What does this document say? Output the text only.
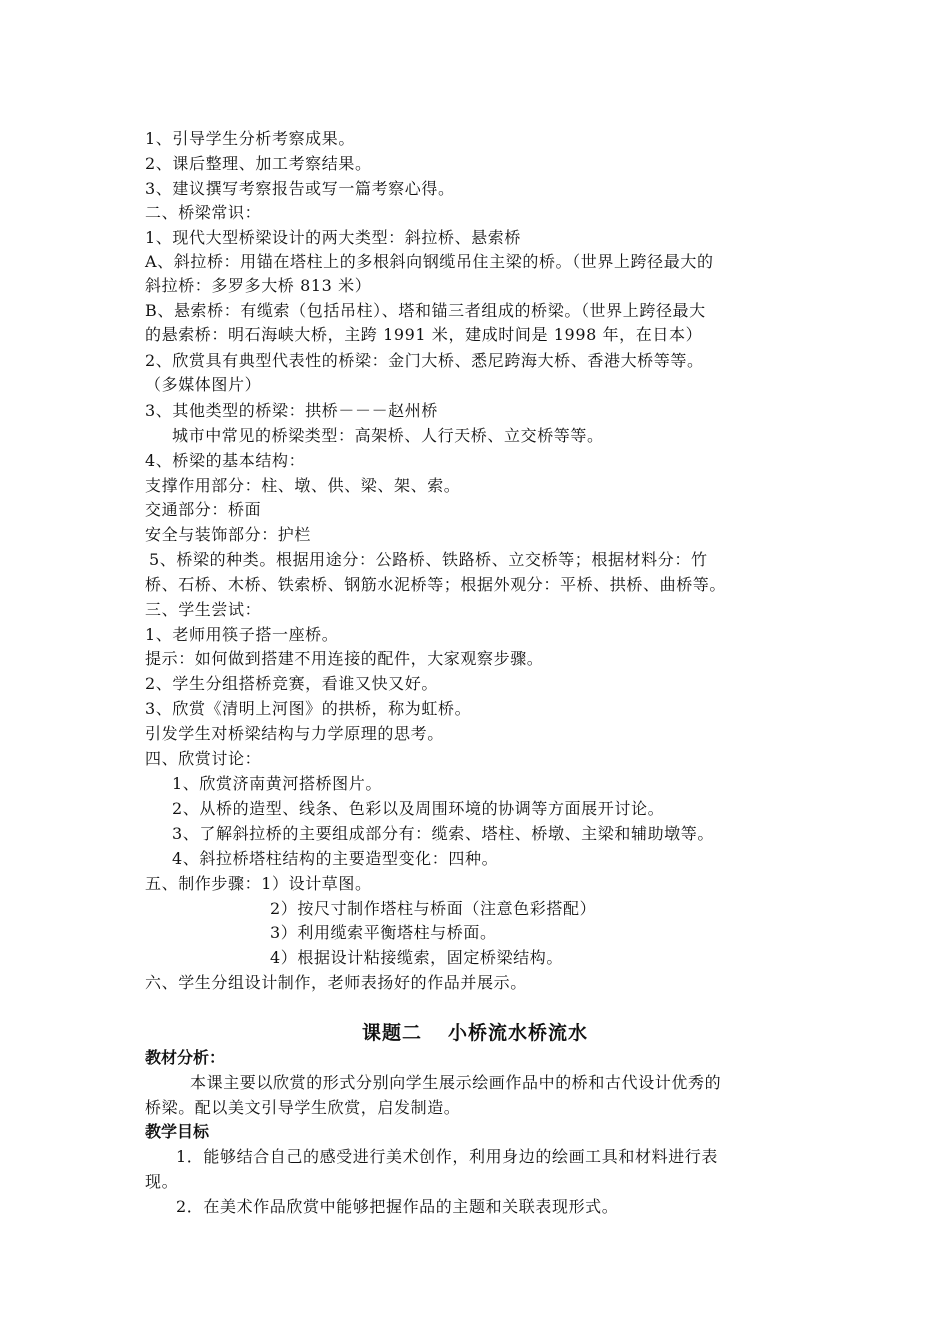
1、引导学生分析考察成果。
2、课后整理、加工考察结果。
3、建议撰写考察报告或写一篇考察心得。
二、桥梁常识：
1、现代大型桥梁设计的两大类型：斜拉桥、悬索桥
A、斜拉桥：用锚在塔柱上的多根斜向钢缆吊住主梁的桥。（世界上跨径最大的
斜拉桥：多罗多大桥 813 米）
B、悬索桥：有缆索（包括吊柱）、塔和锚三者组成的桥梁。（世界上跨径最大
的悬索桥：明石海峡大桥，主跨 1991 米，建成时间是 1998 年，在日本）
2、欣赏具有典型代表性的桥梁：金门大桥、悉尼跨海大桥、香港大桥等等。
（多媒体图片）
3、其他类型的桥梁：拱桥－－－赵州桥
城市中常见的桥梁类型：高架桥、人行天桥、立交桥等等。
4、桥梁的基本结构：
支撑作用部分：柱、墩、供、梁、架、索。
交通部分：桥面
安全与装饰部分：护栏
5、桥梁的种类。根据用途分：公路桥、铁路桥、立交桥等；根据材料分：竹
桥、石桥、木桥、铁索桥、钢筋水泥桥等；根据外观分：平桥、拱桥、曲桥等。
三、学生尝试：
1、老师用筷子搭一座桥。
提示：如何做到搭建不用连接的配件，大家观察步骤。
2、学生分组搭桥竞赛，看谁又快又好。
3、欣赏《清明上河图》的拱桥，称为虹桥。
引发学生对桥梁结构与力学原理的思考。
四、欣赏讨论：
1、欣赏济南黄河搭桥图片。
2、从桥的造型、线条、色彩以及周围环境的协调等方面展开讨论。
3、了解斜拉桥的主要组成部分有：缆索、塔柱、桥墩、主梁和辅助墩等。
4、斜拉桥塔柱结构的主要造型变化：四种。
五、制作步骤：1）设计草图。
2）按尺寸制作塔柱与桥面（注意色彩搭配）
3）利用缆索平衡塔柱与桥面。
4）根据设计粘接缆索，固定桥梁结构。
六、学生分组设计制作，老师表扬好的作品并展示。
课题二 小桥流水桥流水
教材分析：
本课主要以欣赏的形式分别向学生展示绘画作品中的桥和古代设计优秀的
桥梁。配以美文引导学生欣赏，启发制造。
教学目标
1．能够结合自己的感受进行美术创作，利用身边的绘画工具和材料进行表
现。
2．在美术作品欣赏中能够把握作品的主题和关联表现形式。
